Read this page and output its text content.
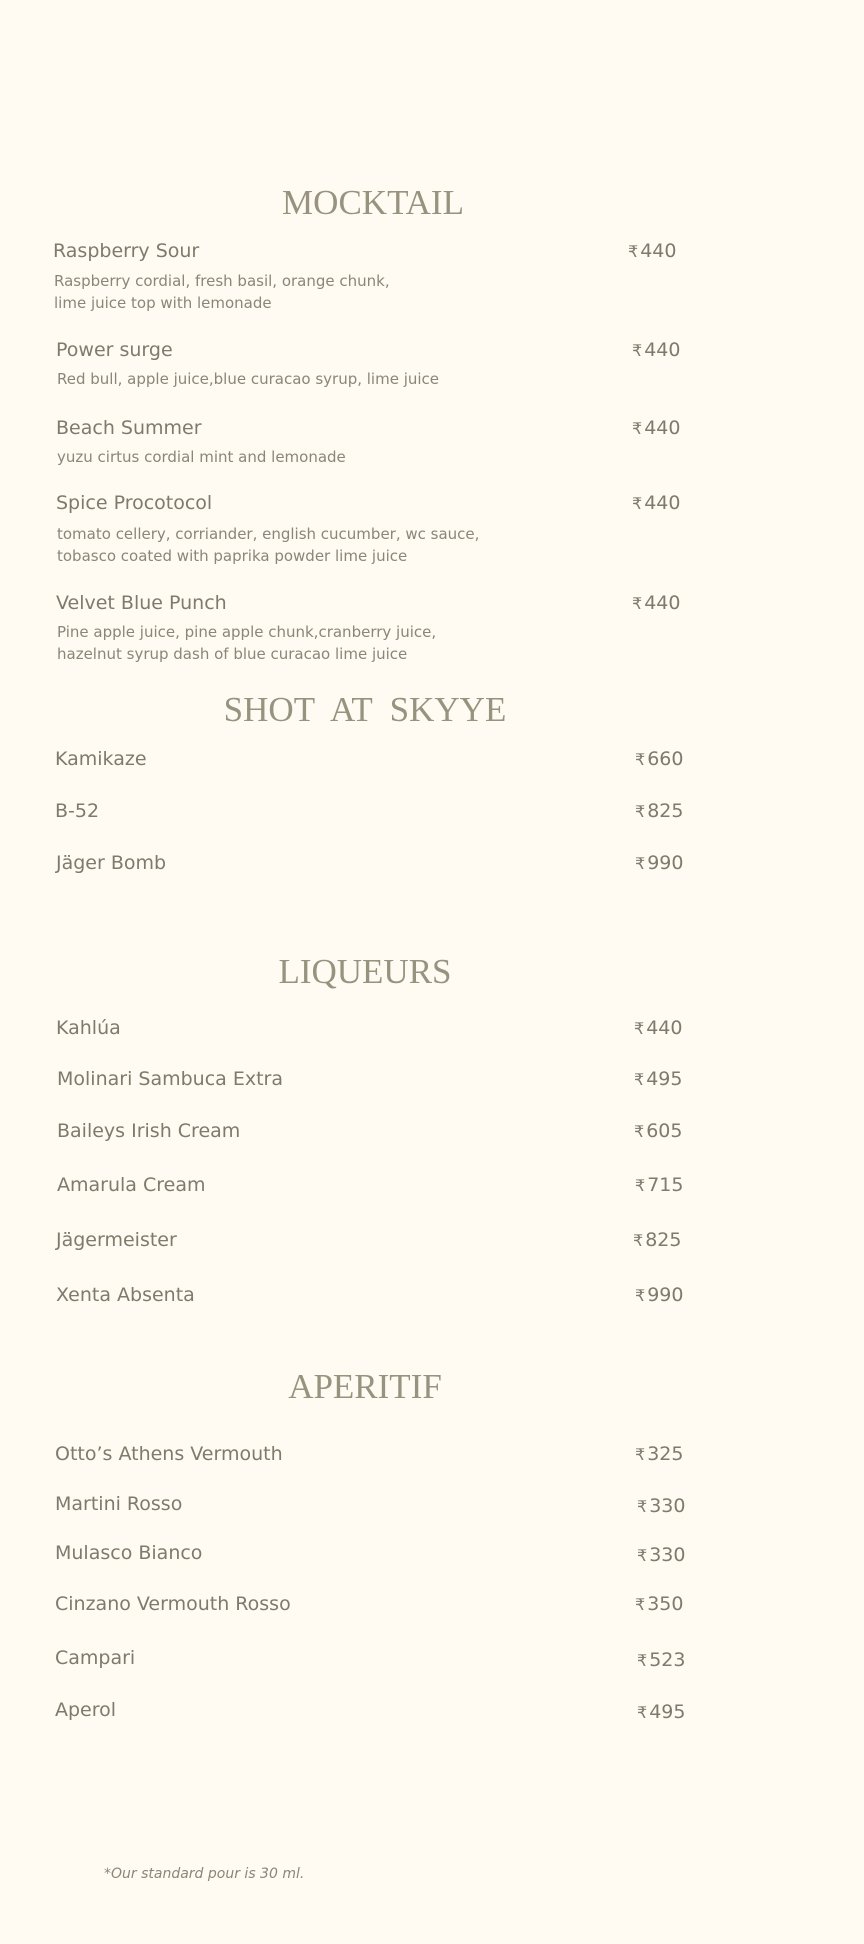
MOCKTAIL
Raspberry Sour
Raspberry cordial, fresh basil, orange chunk,
lime juice top with lemonade
₹ 440
Power surge
Red bull, apple juice,blue curacao syrup, lime juice
₹ 440
Beach Summer
yuzu cirtus cordial mint and lemonade
₹ 440
Spice Procotocol
tomato cellery, corriander, english cucumber, wc sauce,
tobasco coated with paprika powder lime juice
₹ 440
Velvet Blue Punch
Pine apple juice, pine apple chunk,cranberry juice,
hazelnut syrup dash of blue curacao lime juice
₹ 440
SHOT  AT  SKYYE
Kamikaze	₹ 660
B-52	₹ 825
Jäger Bomb	₹ 990
LIQUEURS
Kahlúa	₹ 440
Molinari Sambuca Extra	₹ 495
Baileys Irish Cream	₹ 605
Amarula Cream	₹ 715
Jägermeister	₹ 825
Xenta Absenta	₹ 990
APERITIF
Otto’s Athens Vermouth	₹ 325
Martini Rosso	₹ 330
Mulasco Bianco	₹ 330
Cinzano Vermouth Rosso	₹ 350
Campari	₹ 523
Aperol	₹ 495
*Our standard pour is 30 ml.
